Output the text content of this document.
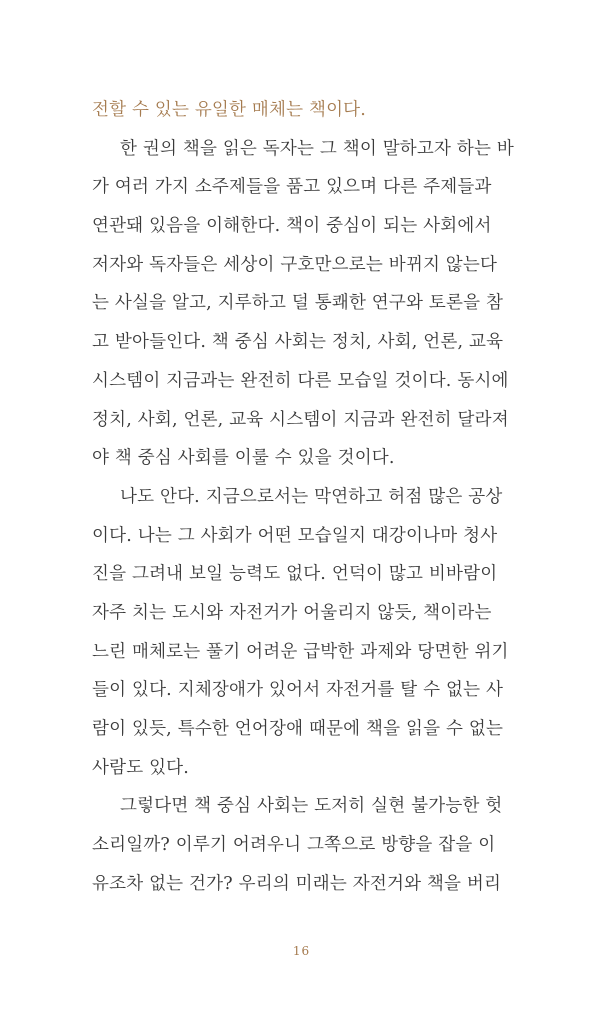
전할 수 있는 유일한 매체는 책이다.
한 권의 책을 읽은 독자는 그 책이 말하고자 하는 바
가 여러 가지 소주제들을 품고 있으며 다른 주제들과
연관돼 있음을 이해한다. 책이 중심이 되는 사회에서
저자와 독자들은 세상이 구호만으로는 바뀌지 않는다
는 사실을 알고, 지루하고 덜 통쾌한 연구와 토론을 참
고 받아들인다. 책 중심 사회는 정치, 사회, 언론, 교육
시스템이 지금과는 완전히 다른 모습일 것이다. 동시에
정치, 사회, 언론, 교육 시스템이 지금과 완전히 달라져
야 책 중심 사회를 이룰 수 있을 것이다.
나도 안다. 지금으로서는 막연하고 허점 많은 공상
이다. 나는 그 사회가 어떤 모습일지 대강이나마 청사
진을 그려내 보일 능력도 없다. 언덕이 많고 비바람이
자주 치는 도시와 자전거가 어울리지 않듯, 책이라는
느린 매체로는 풀기 어려운 급박한 과제와 당면한 위기
들이 있다. 지체장애가 있어서 자전거를 탈 수 없는 사
람이 있듯, 특수한 언어장애 때문에 책을 읽을 수 없는
사람도 있다.
그렇다면 책 중심 사회는 도저히 실현 불가능한 헛
소리일까? 이루기 어려우니 그쪽으로 방향을 잡을 이
유조차 없는 건가? 우리의 미래는 자전거와 책을 버리
16
